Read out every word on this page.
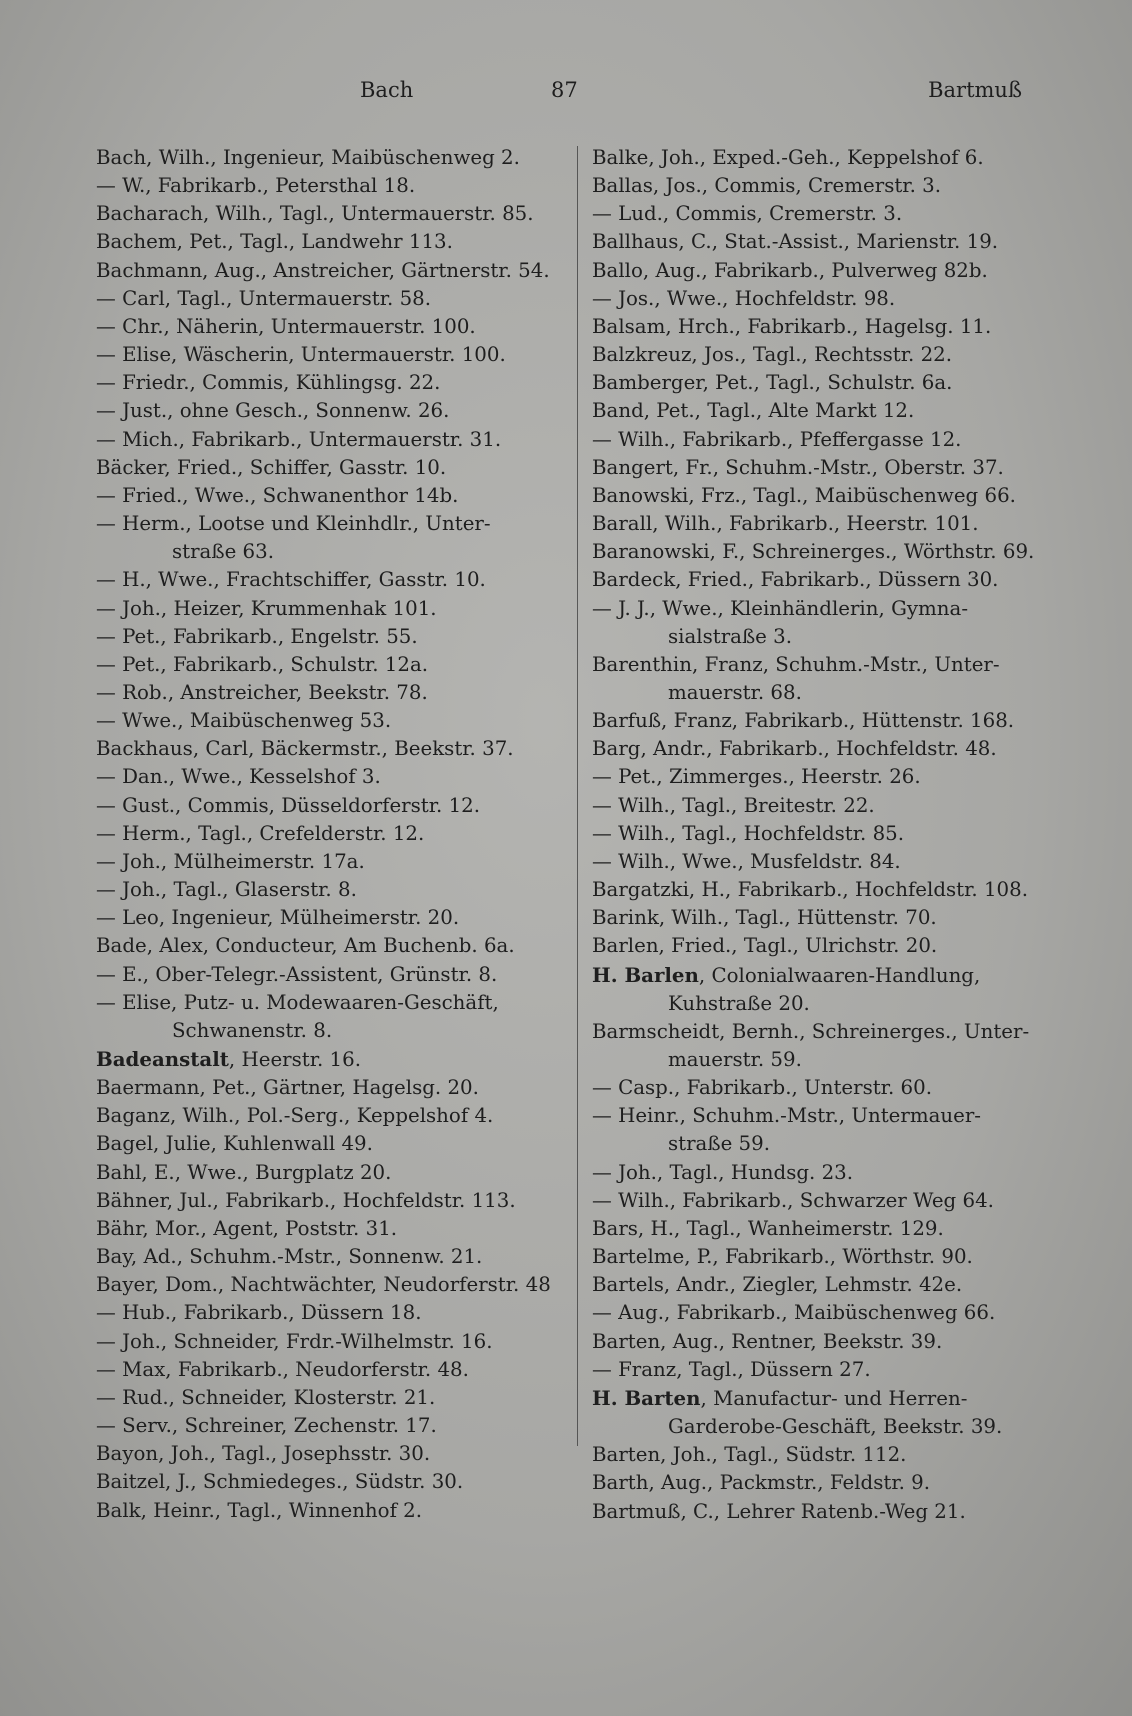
Bach	87	Bartmuß
Bach, Wilh., Ingenieur, Maibüschenweg 2.
— W., Fabrikarb., Petersthal 18.
Bacharach, Wilh., Tagl., Untermauerstr. 85.
Bachem, Pet., Tagl., Landwehr 113.
Bachmann, Aug., Anstreicher, Gärtnerstr. 54.
— Carl, Tagl., Untermauerstr. 58.
— Chr., Näherin, Untermauerstr. 100.
— Elise, Wäscherin, Untermauerstr. 100.
— Friedr., Commis, Kühlingsg. 22.
— Just., ohne Gesch., Sonnenw. 26.
— Mich., Fabrikarb., Untermauerstr. 31.
Bäcker, Fried., Schiffer, Gasstr. 10.
— Fried., Wwe., Schwanenthor 14b.
— Herm., Lootse und Kleinhdlr., Unter-
straße 63.
— H., Wwe., Frachtschiffer, Gasstr. 10.
— Joh., Heizer, Krummenhak 101.
— Pet., Fabrikarb., Engelstr. 55.
— Pet., Fabrikarb., Schulstr. 12a.
— Rob., Anstreicher, Beekstr. 78.
— Wwe., Maibüschenweg 53.
Backhaus, Carl, Bäckermstr., Beekstr. 37.
— Dan., Wwe., Kesselshof 3.
— Gust., Commis, Düsseldorferstr. 12.
— Herm., Tagl., Crefelderstr. 12.
— Joh., Mülheimerstr. 17a.
— Joh., Tagl., Glaserstr. 8.
— Leo, Ingenieur, Mülheimerstr. 20.
Bade, Alex, Conducteur, Am Buchenb. 6a.
— E., Ober-Telegr.-Assistent, Grünstr. 8.
— Elise, Putz- u. Modewaaren-Geschäft,
Schwanenstr. 8.
Badeanstalt, Heerstr. 16.
Baermann, Pet., Gärtner, Hagelsg. 20.
Baganz, Wilh., Pol.-Serg., Keppelshof 4.
Bagel, Julie, Kuhlenwall 49.
Bahl, E., Wwe., Burgplatz 20.
Bähner, Jul., Fabrikarb., Hochfeldstr. 113.
Bähr, Mor., Agent, Poststr. 31.
Bay, Ad., Schuhm.-Mstr., Sonnenw. 21.
Bayer, Dom., Nachtwächter, Neudorferstr. 48
— Hub., Fabrikarb., Düssern 18.
— Joh., Schneider, Frdr.-Wilhelmstr. 16.
— Max, Fabrikarb., Neudorferstr. 48.
— Rud., Schneider, Klosterstr. 21.
— Serv., Schreiner, Zechenstr. 17.
Bayon, Joh., Tagl., Josephsstr. 30.
Baitzel, J., Schmiedeges., Südstr. 30.
Balk, Heinr., Tagl., Winnenhof 2.
Balke, Joh., Exped.-Geh., Keppelshof 6.
Ballas, Jos., Commis, Cremerstr. 3.
— Lud., Commis, Cremerstr. 3.
Ballhaus, C., Stat.-Assist., Marienstr. 19.
Ballo, Aug., Fabrikarb., Pulverweg 82b.
— Jos., Wwe., Hochfeldstr. 98.
Balsam, Hrch., Fabrikarb., Hagelsg. 11.
Balzkreuz, Jos., Tagl., Rechtsstr. 22.
Bamberger, Pet., Tagl., Schulstr. 6a.
Band, Pet., Tagl., Alte Markt 12.
— Wilh., Fabrikarb., Pfeffergasse 12.
Bangert, Fr., Schuhm.-Mstr., Oberstr. 37.
Banowski, Frz., Tagl., Maibüschenweg 66.
Barall, Wilh., Fabrikarb., Heerstr. 101.
Baranowski, F., Schreinerges., Wörthstr. 69.
Bardeck, Fried., Fabrikarb., Düssern 30.
— J. J., Wwe., Kleinhändlerin, Gymna-
sialstraße 3.
Barenthin, Franz, Schuhm.-Mstr., Unter-
mauerstr. 68.
Barfuß, Franz, Fabrikarb., Hüttenstr. 168.
Barg, Andr., Fabrikarb., Hochfeldstr. 48.
— Pet., Zimmerges., Heerstr. 26.
— Wilh., Tagl., Breitestr. 22.
— Wilh., Tagl., Hochfeldstr. 85.
— Wilh., Wwe., Musfeldstr. 84.
Bargatzki, H., Fabrikarb., Hochfeldstr. 108.
Barink, Wilh., Tagl., Hüttenstr. 70.
Barlen, Fried., Tagl., Ulrichstr. 20.
H. Barlen, Colonialwaaren-Handlung,
Kuhstraße 20.
Barmscheidt, Bernh., Schreinerges., Unter-
mauerstr. 59.
— Casp., Fabrikarb., Unterstr. 60.
— Heinr., Schuhm.-Mstr., Untermauer-
straße 59.
— Joh., Tagl., Hundsg. 23.
— Wilh., Fabrikarb., Schwarzer Weg 64.
Bars, H., Tagl., Wanheimerstr. 129.
Bartelme, P., Fabrikarb., Wörthstr. 90.
Bartels, Andr., Ziegler, Lehmstr. 42e.
— Aug., Fabrikarb., Maibüschenweg 66.
Barten, Aug., Rentner, Beekstr. 39.
— Franz, Tagl., Düssern 27.
H. Barten, Manufactur- und Herren-
Garderobe-Geschäft, Beekstr. 39.
Barten, Joh., Tagl., Südstr. 112.
Barth, Aug., Packmstr., Feldstr. 9.
Bartmuß, C., Lehrer Ratenb.-Weg 21.
